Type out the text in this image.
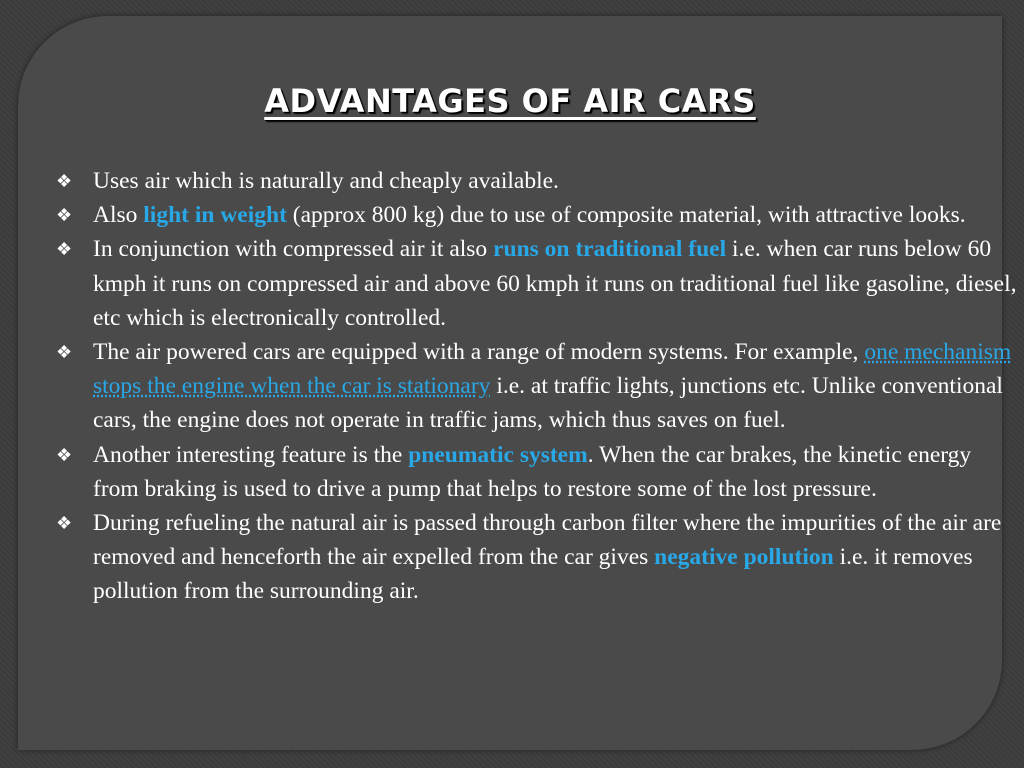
ADVANTAGES OF AIR CARS
❖ Uses air which is naturally and cheaply available.
❖ Also light in weight (approx 800 kg) due to use of composite material, with attractive looks.
❖ In conjunction with compressed air it also runs on traditional fuel i.e. when car runs below 60 kmph it runs on compressed air and above 60 kmph it runs on traditional fuel like gasoline, diesel, etc which is electronically controlled.
❖ The air powered cars are equipped with a range of modern systems. For example, one mechanism stops the engine when the car is stationary i.e. at traffic lights, junctions etc. Unlike conventional cars, the engine does not operate in traffic jams, which thus saves on fuel.
❖ Another interesting feature is the pneumatic system. When the car brakes, the kinetic energy from braking is used to drive a pump that helps to restore some of the lost pressure.
❖ During refueling the natural air is passed through carbon filter where the impurities of the air are removed and henceforth the air expelled from the car gives negative pollution i.e. it removes pollution from the surrounding air.
